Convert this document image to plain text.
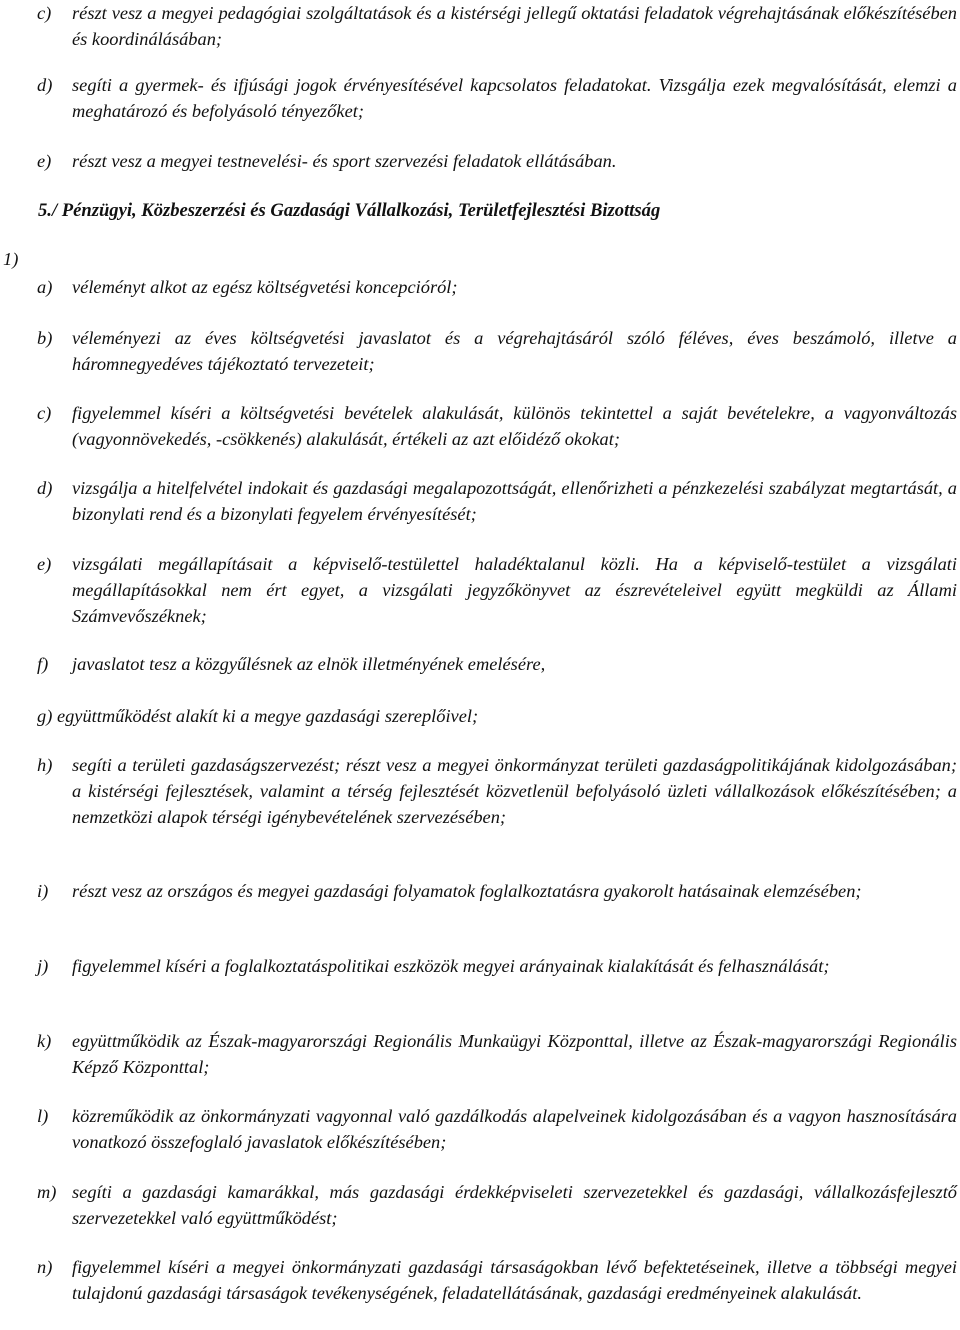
c) részt vesz a megyei pedagógiai szolgáltatások és a kistérségi jellegű oktatási feladatok végrehajtásának előkészítésében és koordinálásában;
d) segíti a gyermek- és ifjúsági jogok érvényesítésével kapcsolatos feladatokat. Vizsgálja ezek megvalósítását, elemzi a meghatározó és befolyásoló tényezőket;
e) részt vesz a megyei testnevelési- és sport szervezési feladatok ellátásában.
5./ Pénzügyi, Közbeszerzési és Gazdasági Vállalkozási, Területfejlesztési Bizottság
1)
a) véleményt alkot az egész költségvetési koncepcióról;
b) véleményezi az éves költségvetési javaslatot és a végrehajtásáról szóló féléves, éves beszámoló, illetve a háromnegyedéves tájékoztató tervezeteit;
c) figyelemmel kíséri a költségvetési bevételek alakulását, különös tekintettel a saját bevételekre, a vagyonváltozás (vagyonnövekedés, -csökkenés) alakulását, értékeli az azt előidéző okokat;
d) vizsgálja a hitelfelvétel indokait és gazdasági megalapozottságát, ellenőrizheti a pénzkezelési szabályzat megtartását, a bizonylati rend és a bizonylati fegyelem érvényesítését;
e) vizsgálati megállapításait a képviselő-testülettel haladéktalanul közli. Ha a képviselő-testület a vizsgálati megállapításokkal nem ért egyet, a vizsgálati jegyzőkönyvet az észrevételeivel együtt megküldi az Állami Számvevőszéknek;
f) javaslatot tesz a közgyűlésnek az elnök illetményének emelésére,
g) együttműködést alakít ki a megye gazdasági szereplőivel;
h) segíti a területi gazdaságszervezést; részt vesz a megyei önkormányzat területi gazdaságpolitikájának kidolgozásában; a kistérségi fejlesztések, valamint a térség fejlesztését közvetlenül befolyásoló üzleti vállalkozások előkészítésében; a nemzetközi alapok térségi igénybevételének szervezésében;
i) részt vesz az országos és megyei gazdasági folyamatok foglalkoztatásra gyakorolt hatásainak elemzésében;
j) figyelemmel kíséri a foglalkoztatáspolitikai eszközök megyei arányainak kialakítását és felhasználását;
k) együttműködik az Észak-magyarországi Regionális Munkaügyi Központtal, illetve az Észak-magyarországi Regionális Képző Központtal;
l) közreműködik az önkormányzati vagyonnal való gazdálkodás alapelveinek kidolgozásában és a vagyon hasznosítására vonatkozó összefoglaló javaslatok előkészítésében;
m) segíti a gazdasági kamarákkal, más gazdasági érdekképviseleti szervezetekkel és gazdasági, vállalkozásfejlesztő szervezetekkel való együttműködést;
n) figyelemmel kíséri a megyei önkormányzati gazdasági társaságokban lévő befektetéseinek, illetve a többségi megyei tulajdonú gazdasági társaságok tevékenységének, feladatellátásának, gazdasági eredményeinek alakulását.
